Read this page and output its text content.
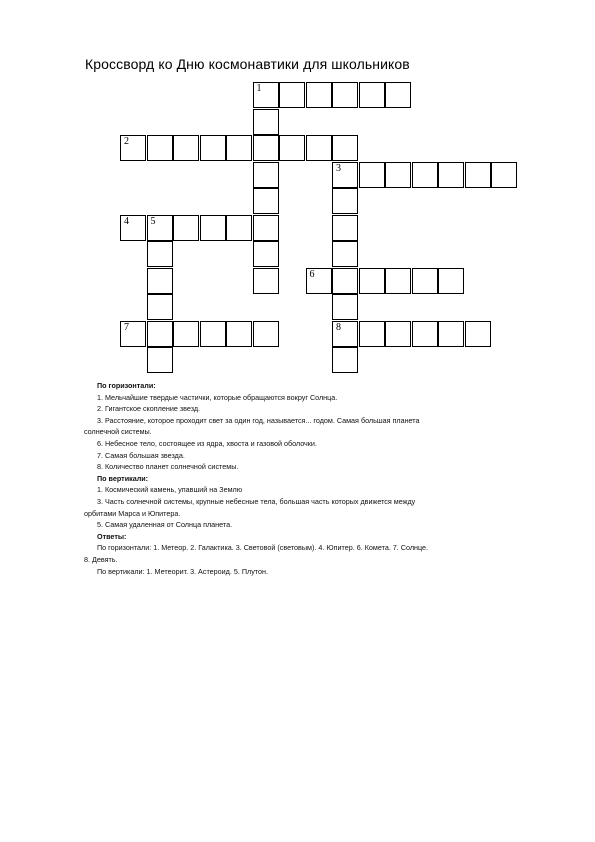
Кроссворд ко Дню космонавтики для школьников
1
2
3
8
4 5
6
7

По горизонтали:

1. Мельчайшие твердые частички, которые обращаются вокруг Солнца.

2. Гигантское скопление звезд.

3. Расстояние, которое проходит свет за один год, называется... годом. Самая большая планета

солнечной системы.

6. Небесное тело, состоящее из ядра, хвоста и газовой оболочки.

7. Самая большая звезда.

8. Количество планет солнечной системы.

По вертикали:

1. Космический камень, упавший на Землю

3. Часть солнечной системы, крупные небесные тела, большая часть которых движется между

орбитами Марса и Юпитера.

5. Самая удаленная от Солнца планета.

Ответы:

По горизонтали: 1. Метеор. 2. Галактика. 3. Световой (световым). 4. Юпитер. 6. Комета. 7. Солнце.

8. Девять.

По вертикали: 1. Метеорит. 3. Астероид. 5. Плутон.
